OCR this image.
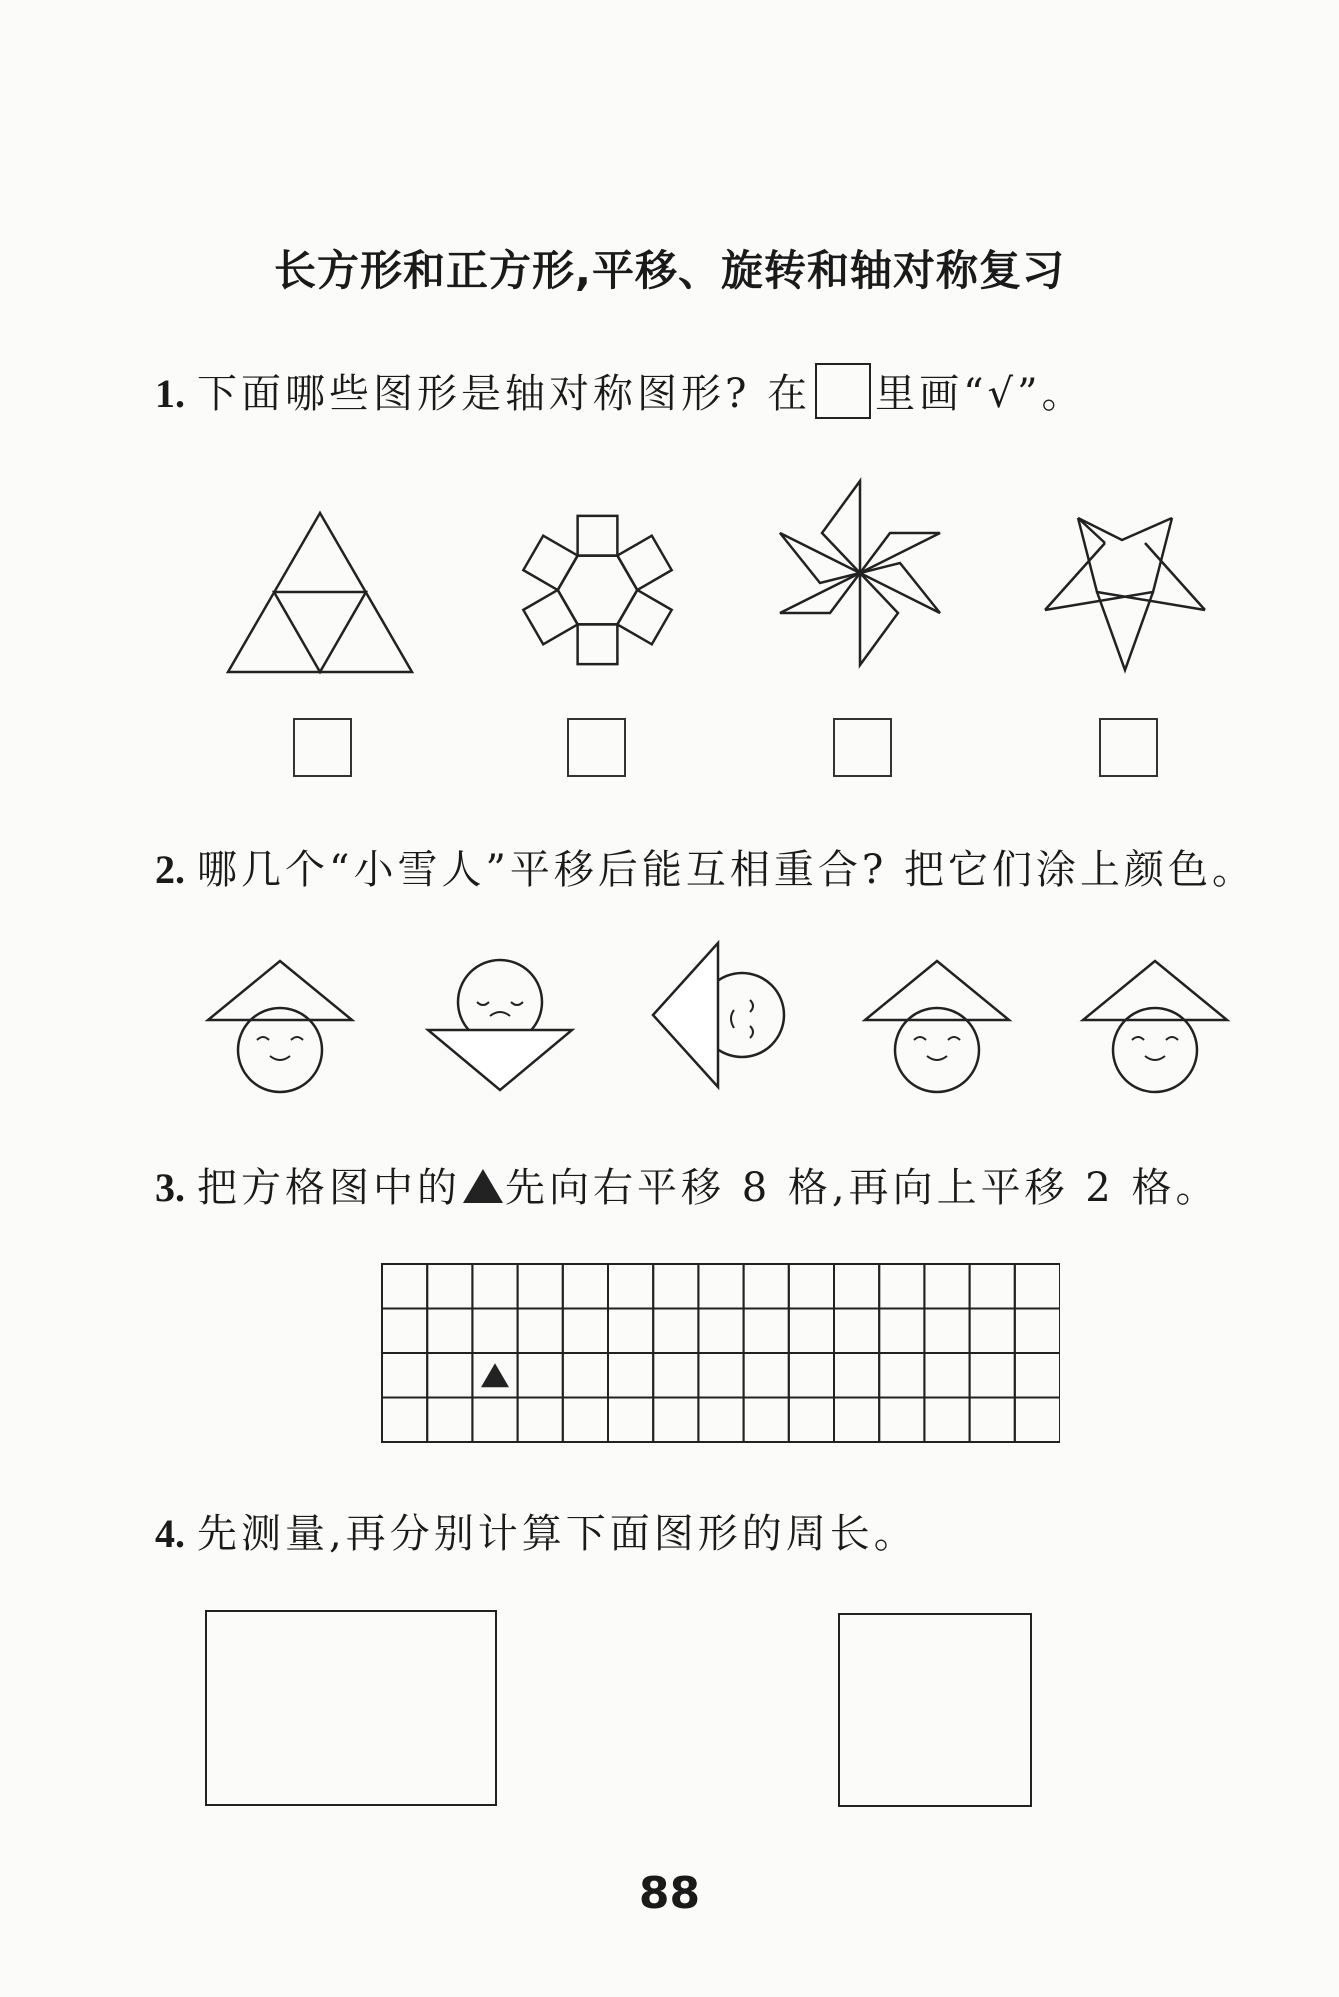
长方形和正方形,平移、旋转和轴对称复习
1. 下面哪些图形是轴对称图形? 在 里画“√”。
2. 哪几个“小雪人”平移后能互相重合? 把它们涂上颜色。
3. 把方格图中的 先向右平移 8 格,再向上平移 2 格。
4. 先测量,再分别计算下面图形的周长。
88
